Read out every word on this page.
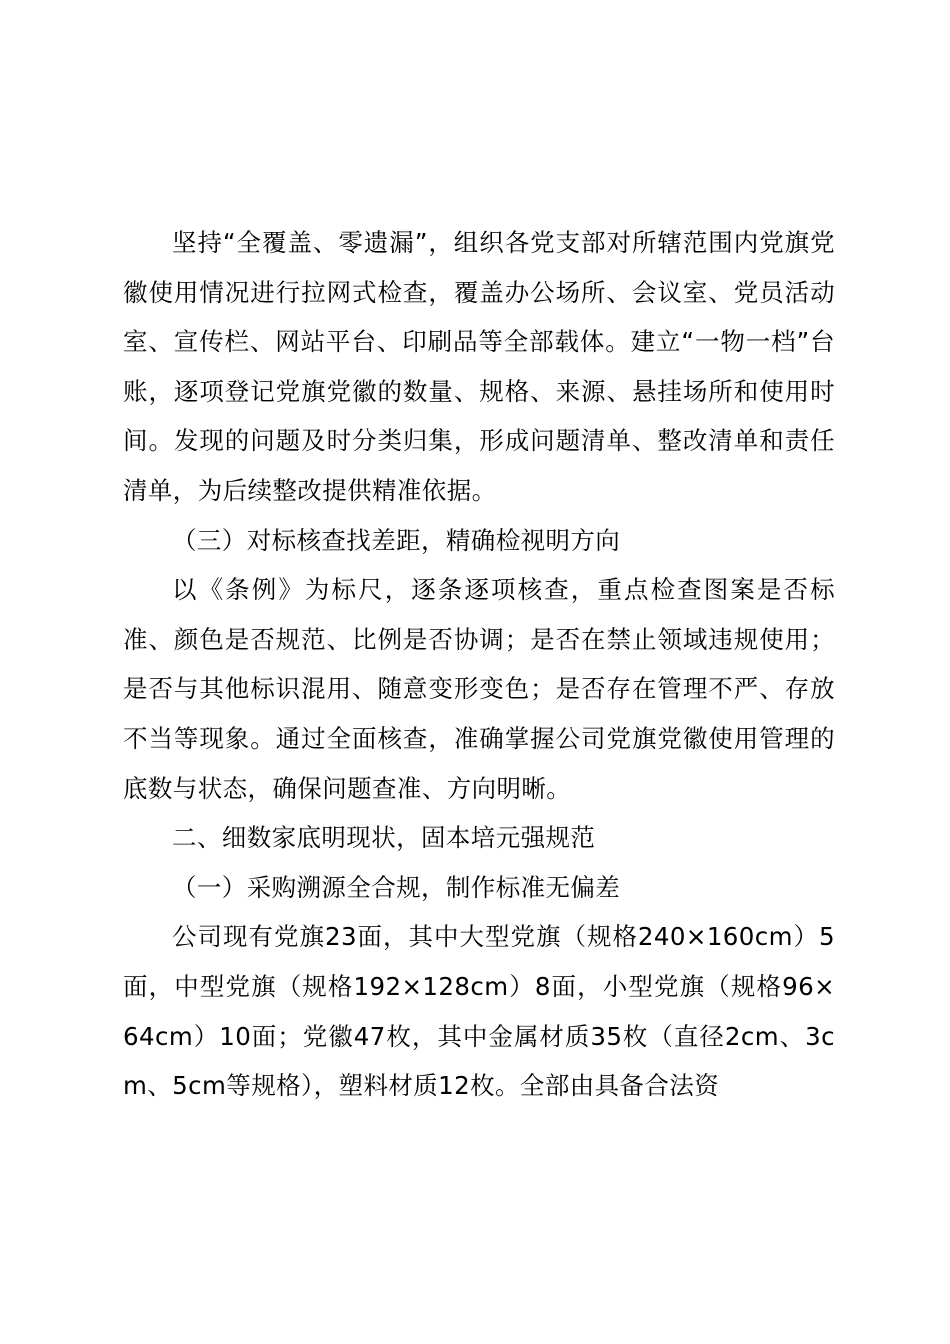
坚持“全覆盖、零遗漏”，组织各党支部对所辖范围内党旗党徽使用情况进行拉网式检查，覆盖办公场所、会议室、党员活动室、宣传栏、网站平台、印刷品等全部载体。建立“一物一档”台账，逐项登记党旗党徽的数量、规格、来源、悬挂场所和使用时间。发现的问题及时分类归集，形成问题清单、整改清单和责任清单，为后续整改提供精准依据。

（三）对标核查找差距，精确检视明方向

以《条例》为标尺，逐条逐项核查，重点检查图案是否标准、颜色是否规范、比例是否协调；是否在禁止领域违规使用；是否与其他标识混用、随意变形变色；是否存在管理不严、存放不当等现象。通过全面核查，准确掌握公司党旗党徽使用管理的底数与状态，确保问题查准、方向明晰。

二、细数家底明现状，固本培元强规范

（一）采购溯源全合规，制作标准无偏差

公司现有党旗23面，其中大型党旗（规格240×160cm）5面，中型党旗（规格192×128cm）8面，小型党旗（规格96×64cm）10面；党徽47枚，其中金属材质35枚（直径2cm、3cm、5cm等规格），塑料材质12枚。全部由具备合法资
